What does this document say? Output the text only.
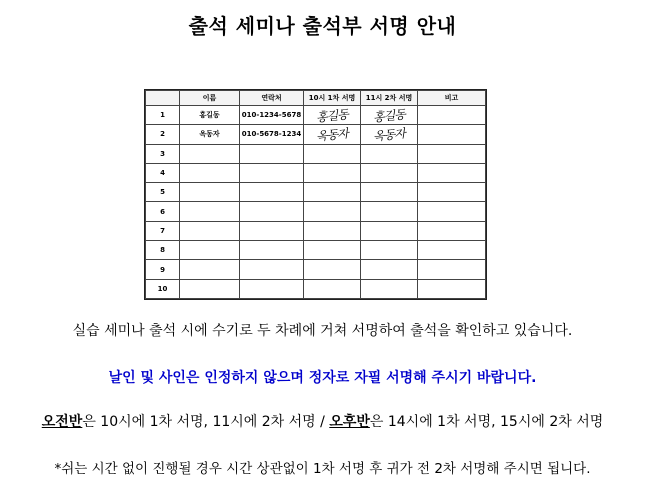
출석 세미나 출석부 서명 안내
	이름	연락처	10시 1차 서명	11시 2차 서명	비고
1	홍길동	010-1234-5678	홍길동	홍길동	
2	옥동자	010-5678-1234	옥동자	옥동자	
3					
4					
5					
6					
7					
8					
9					
10					
실습 세미나 출석 시에 수기로 두 차례에 거쳐 서명하여 출석을 확인하고 있습니다.
날인 및 사인은 인정하지 않으며 정자로 자필 서명해 주시기 바랍니다.
오전반은 10시에 1차 서명, 11시에 2차 서명 / 오후반은 14시에 1차 서명, 15시에 2차 서명
*쉬는 시간 없이 진행될 경우 시간 상관없이 1차 서명 후 귀가 전 2차 서명해 주시면 됩니다.
